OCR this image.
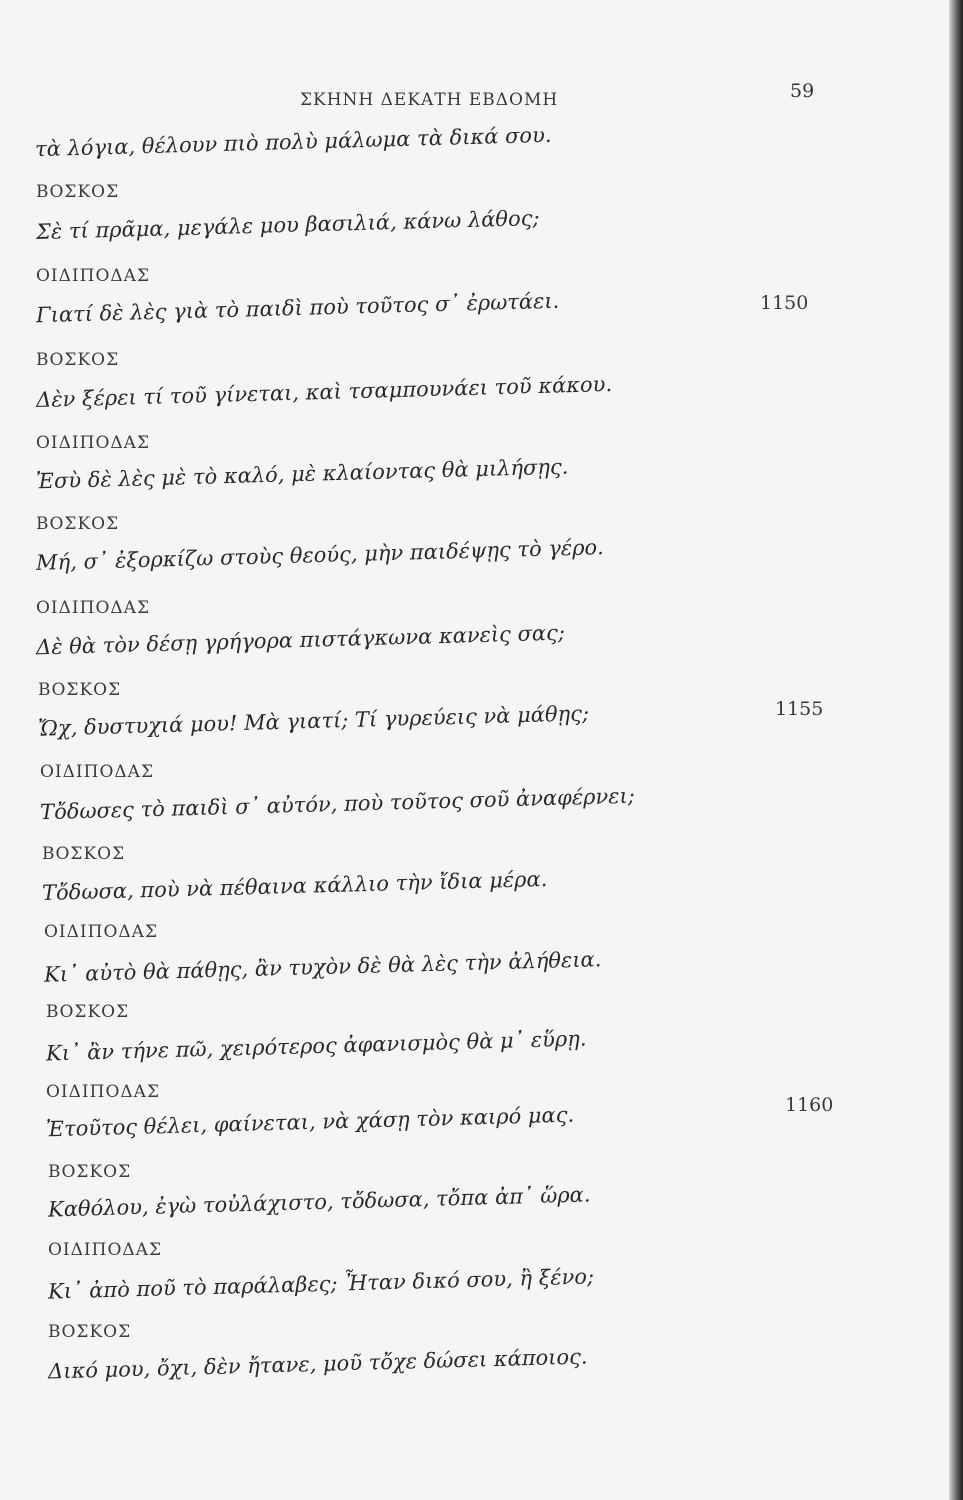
ΣΚΗΝΗ ΔΕΚΑΤΗ ΕΒΔΟΜΗ	59
τὰ λόγια, θέλουν πιὸ πολὺ μάλωμα τὰ δικά σου.
ΒΟΣΚΟΣ
Σὲ τί πρᾶμα, μεγάλε μου βασιλιά, κάνω λάθος;
ΟΙΔΙΠΟΔΑΣ
Γιατί δὲ λὲς γιὰ τὸ παιδὶ ποὺ τοῦτος σ᾽ ἐρωτάει.
ΒΟΣΚΟΣ
Δὲν ξέρει τί τοῦ γίνεται, καὶ τσαμπουνάει τοῦ κάκου.
ΟΙΔΙΠΟΔΑΣ
Ἐσὺ δὲ λὲς μὲ τὸ καλό, μὲ κλαίοντας θὰ μιλήσῃς.
ΒΟΣΚΟΣ
Μή, σ᾽ ἐξορκίζω στοὺς θεούς, μὴν παιδέψῃς τὸ γέρο.
ΟΙΔΙΠΟΔΑΣ
Δὲ θὰ τὸν δέσῃ γρήγορα πιστάγκωνα κανεὶς σας;
ΒΟΣΚΟΣ
Ὤχ, δυστυχιά μου! Μὰ γιατί; Τί γυρεύεις νὰ μάθῃς;
ΟΙΔΙΠΟΔΑΣ
Τὄδωσες τὸ παιδὶ σ᾽ αὐτόν, ποὺ τοῦτος σοῦ ἀναφέρνει;
ΒΟΣΚΟΣ
Τὄδωσα, ποὺ νὰ πέθαινα κάλλιο τὴν ἴδια μέρα.
ΟΙΔΙΠΟΔΑΣ
Κι᾽ αὐτὸ θὰ πάθῃς, ἂν τυχὸν δὲ θὰ λὲς τὴν ἀλήθεια.
ΒΟΣΚΟΣ
Κι᾽ ἂν τήνε πῶ, χειρότερος ἀφανισμὸς θὰ μ᾽ εὕρῃ.
ΟΙΔΙΠΟΔΑΣ
Ἐτοῦτος θέλει, φαίνεται, νὰ χάσῃ τὸν καιρό μας.
ΒΟΣΚΟΣ
Καθόλου, ἐγὼ τοὐλάχιστο, τὄδωσα, τὄπα ἀπ᾽ ὥρα.
ΟΙΔΙΠΟΔΑΣ
Κι᾽ ἀπὸ ποῦ τὸ παράλαβες; Ἦταν δικό σου, ἢ ξένο;
ΒΟΣΚΟΣ
Δικό μου, ὄχι, δὲν ἤτανε, μοῦ τὄχε δώσει κάποιος.
1150
1155
1160
